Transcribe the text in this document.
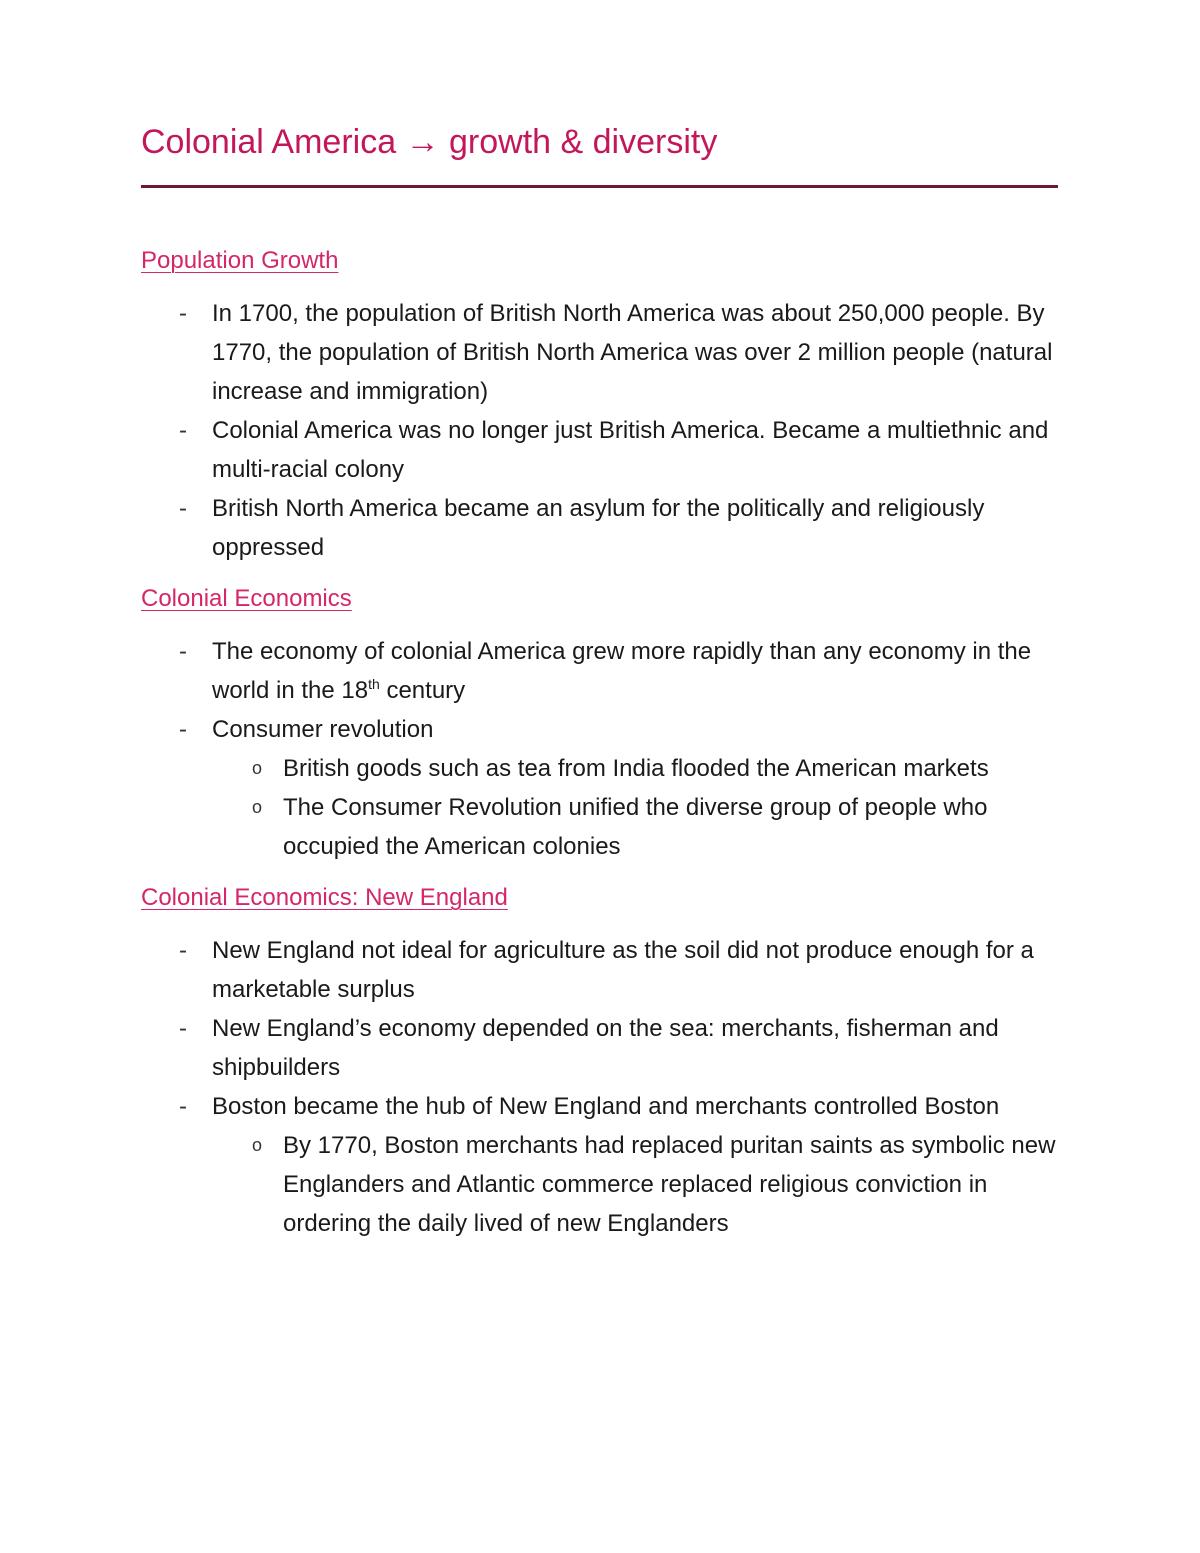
Colonial America → growth & diversity
Population Growth
- In 1700, the population of British North America was about 250,000 people. By 1770, the population of British North America was over 2 million people (natural increase and immigration)
- Colonial America was no longer just British America. Became a multiethnic and multi-racial colony
- British North America became an asylum for the politically and religiously oppressed
Colonial Economics
- The economy of colonial America grew more rapidly than any economy in the world in the 18th century
- Consumer revolution
o British goods such as tea from India flooded the American markets
o The Consumer Revolution unified the diverse group of people who occupied the American colonies
Colonial Economics: New England
- New England not ideal for agriculture as the soil did not produce enough for a marketable surplus
- New England’s economy depended on the sea: merchants, fisherman and shipbuilders
- Boston became the hub of New England and merchants controlled Boston
o By 1770, Boston merchants had replaced puritan saints as symbolic new Englanders and Atlantic commerce replaced religious conviction in ordering the daily lived of new Englanders
